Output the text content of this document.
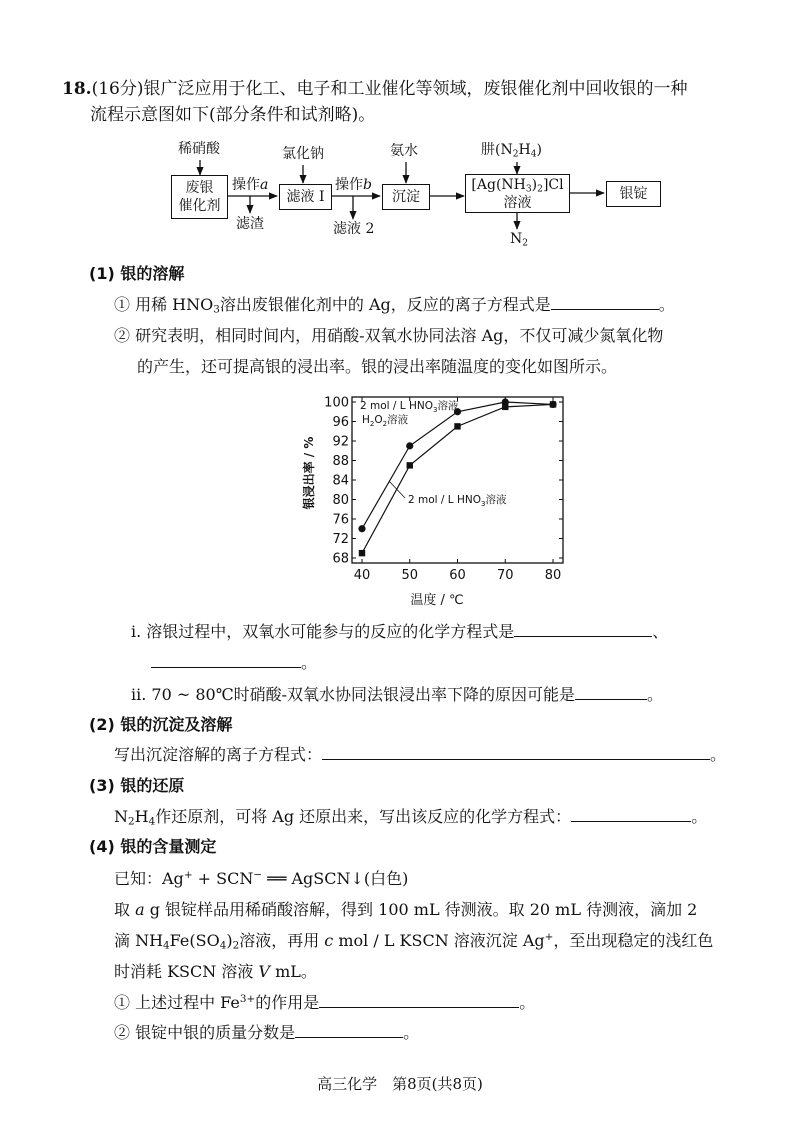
18.(16分)银广泛应用于化工、电子和工业催化等领域，废银催化剂中回收银的一种
流程示意图如下(部分条件和试剂略)。
稀硝酸
废银
催化剂
操作a
滤渣
氯化钠
滤液 I
操作b
滤液 2
氨水
沉淀
肼$(N_2H_4)$
$[Ag(NH_3)_2]Cl$
溶液
$N_2$
银锭
(1) 银的溶解
① 用稀 $HNO_3$溶出废银催化剂中的 Ag，反应的离子方程式是	。
② 研究表明，相同时间内，用硝酸-双氧水协同法溶 Ag，不仅可减少氮氧化物
的产生，还可提高银的浸出率。银的浸出率随温度的变化如图所示。
68
72
76
80
84
88
92
96
100
40 50 60 70 80
2 mol / L $HNO_3$溶液
$H_2O_2$溶液
2 mol / L $HNO_3$溶液
银浸出率 / %
温度 / ℃
i. 溶银过程中，双氧水可能参与的反应的化学方程式是	、
。
ii. 70 ~ 80℃时硝酸-双氧水协同法银浸出率下降的原因可能是	。
(2) 银的沉淀及溶解
写出沉淀溶解的离子方程式：	。
(3) 银的还原
$N_2H_4$作还原剂，可将 Ag 还原出来，写出该反应的化学方程式：	。
(4) 银的含量测定
已知：Ag+ + SCN− ══ AgSCN↓(白色)
取 a g 银锭样品用稀硝酸溶解，得到 100 mL 待测液。取 20 mL 待测液，滴加 2
滴 $NH_4Fe(SO_4)_2$溶液，再用 c mol / L KSCN 溶液沉淀 Ag+，至出现稳定的浅红色
时消耗 KSCN 溶液 V mL。
① 上述过程中 $Fe^{3+}$的作用是	。
② 银锭中银的质量分数是	。
高三化学　第8页(共8页)
